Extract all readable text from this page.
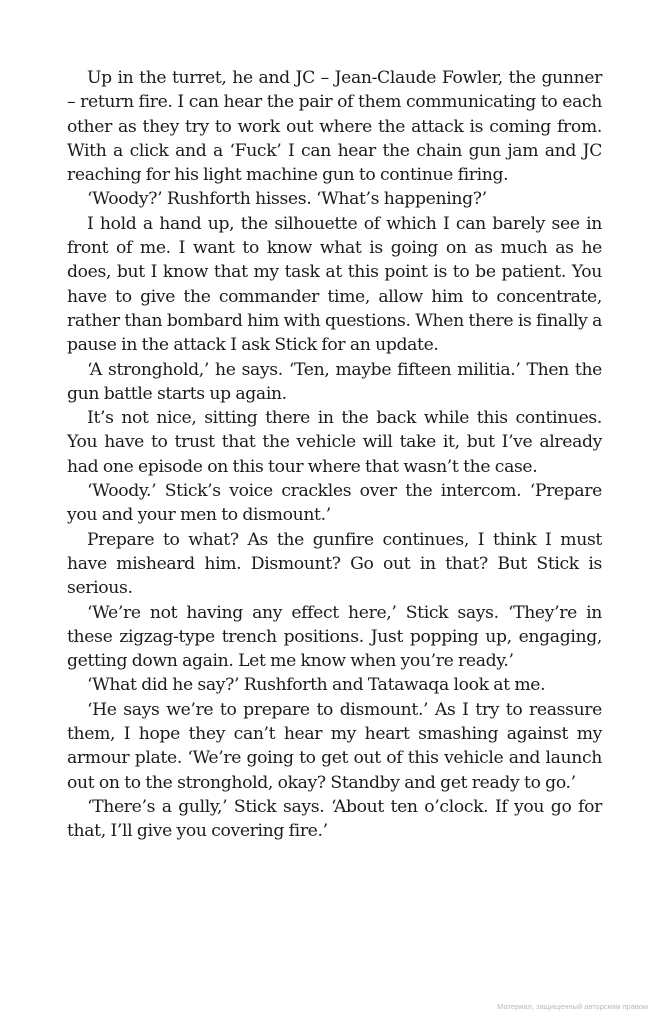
Up in the turret, he and JC – Jean-Claude Fowler, the gunner – return fire. I can hear the pair of them communicating to each other as they try to work out where the attack is coming from. With a click and a ‘Fuck’ I can hear the chain gun jam and JC reaching for his light machine gun to continue firing.

‘Woody?’ Rushforth hisses. ‘What’s happening?’

I hold a hand up, the silhouette of which I can barely see in front of me. I want to know what is going on as much as he does, but I know that my task at this point is to be patient. You have to give the commander time, allow him to concentrate, rather than bombard him with questions. When there is finally a pause in the attack I ask Stick for an update.

‘A stronghold,’ he says. ‘Ten, maybe fifteen militia.’ Then the gun battle starts up again.

It’s not nice, sitting there in the back while this continues. You have to trust that the vehicle will take it, but I’ve already had one episode on this tour where that wasn’t the case.

‘Woody.’ Stick’s voice crackles over the intercom. ‘Prepare you and your men to dismount.’

Prepare to what? As the gunfire continues, I think I must have misheard him. Dismount? Go out in that? But Stick is serious.

‘We’re not having any effect here,’ Stick says. ‘They’re in these zigzag-type trench positions. Just popping up, engaging, getting down again. Let me know when you’re ready.’

‘What did he say?’ Rushforth and Tatawaqa look at me.

‘He says we’re to prepare to dismount.’ As I try to reassure them, I hope they can’t hear my heart smashing against my armour plate. ‘We’re going to get out of this vehicle and launch out on to the stronghold, okay? Standby and get ready to go.’

‘There’s a gully,’ Stick says. ‘About ten o’clock. If you go for that, I’ll give you covering fire.’

Материал, защищенный авторским правом
